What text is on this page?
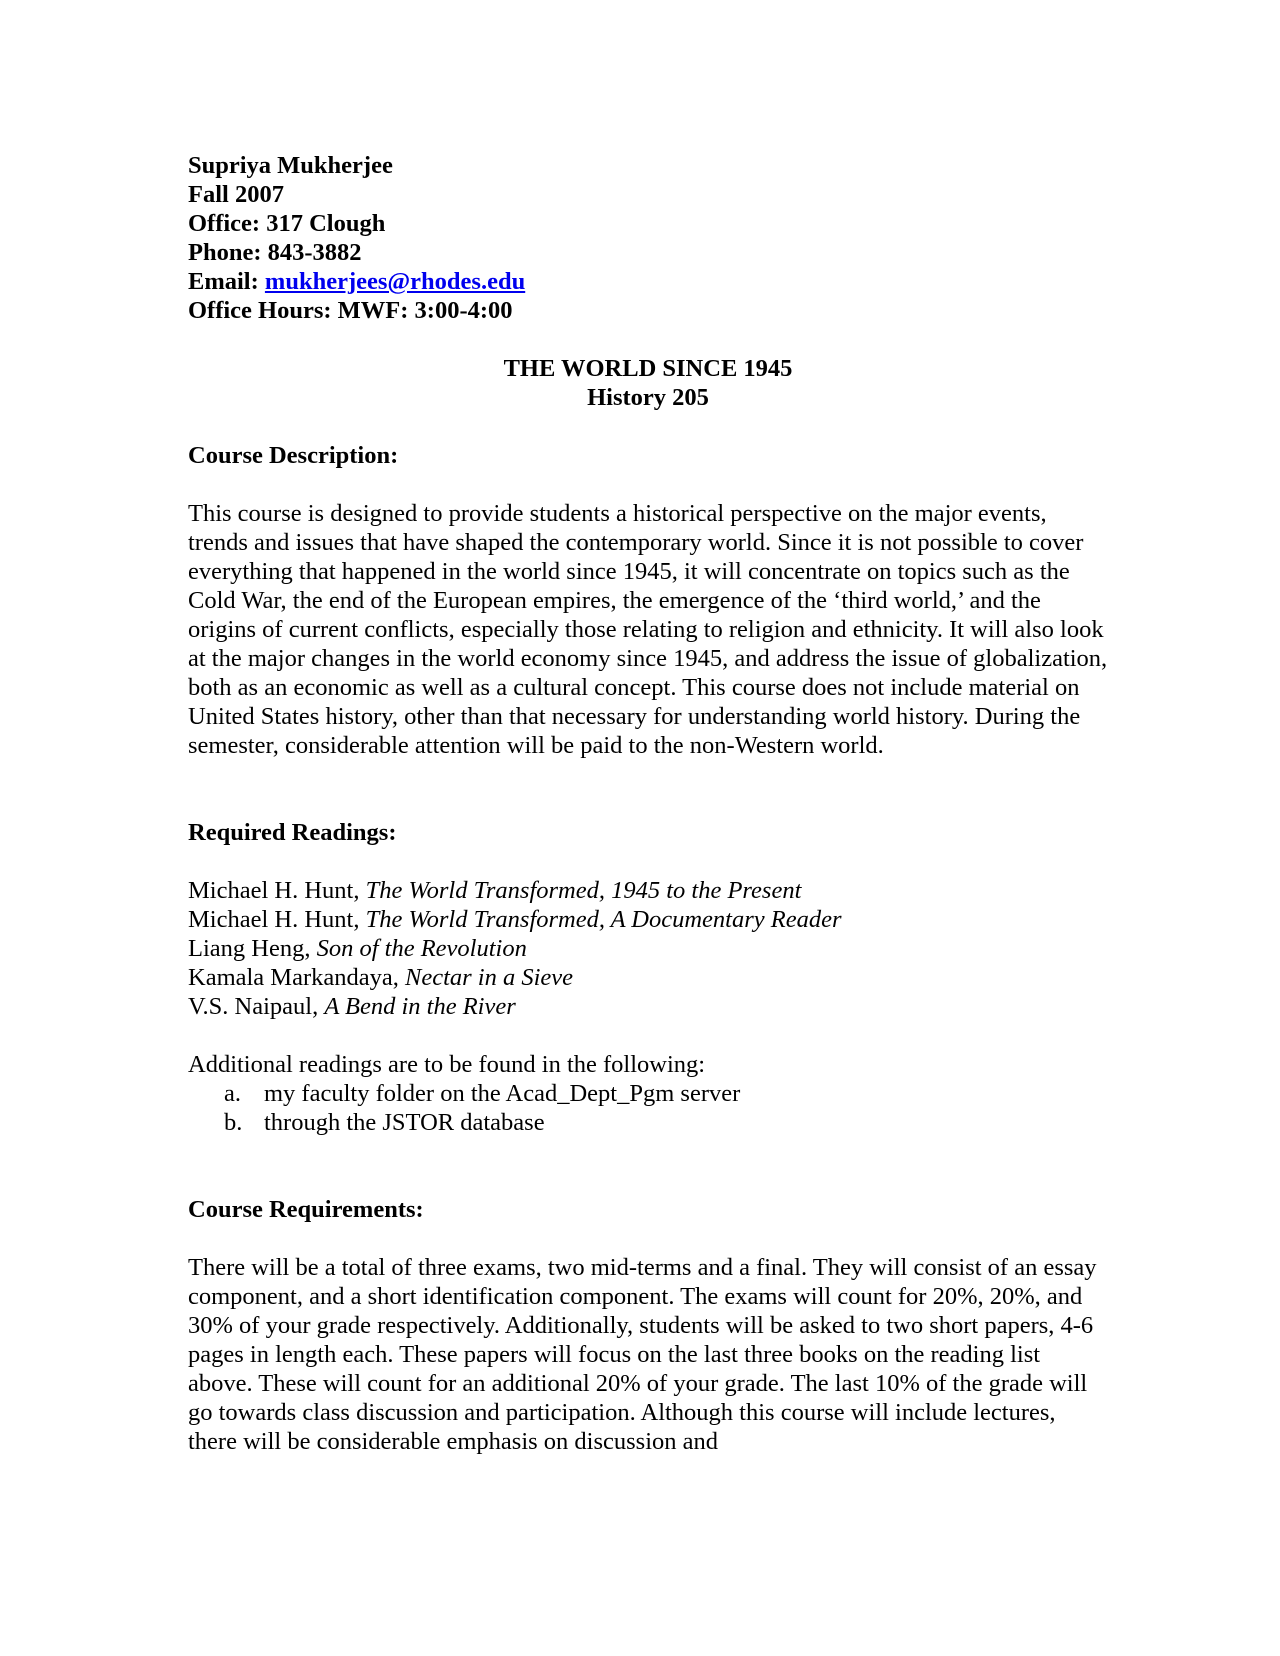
Supriya Mukherjee
Fall 2007
Office: 317 Clough
Phone: 843-3882
Email: mukherjees@rhodes.edu
Office Hours: MWF: 3:00-4:00
THE WORLD SINCE 1945
History 205
Course Description:

This course is designed to provide students a historical perspective on the major events, trends and issues that have shaped the contemporary world. Since it is not possible to cover everything that happened in the world since 1945, it will concentrate on topics such as the Cold War, the end of the European empires, the emergence of the ‘third world,’ and the origins of current conflicts, especially those relating to religion and ethnicity. It will also look at the major changes in the world economy since 1945, and address the issue of globalization, both as an economic as well as a cultural concept. This course does not include material on United States history, other than that necessary for understanding world history. During the semester, considerable attention will be paid to the non-Western world.

Required Readings:
Michael H. Hunt, The World Transformed, 1945 to the Present
Michael H. Hunt, The World Transformed, A Documentary Reader
Liang Heng, Son of the Revolution
Kamala Markandaya, Nectar in a Sieve
V.S. Naipaul, A Bend in the River

Additional readings are to be found in the following:

a. my faculty folder on the Acad_Dept_Pgm server
b. through the JSTOR database
Course Requirements:

There will be a total of three exams, two mid-terms and a final. They will consist of an essay component, and a short identification component. The exams will count for 20%, 20%, and 30% of your grade respectively. Additionally, students will be asked to two short papers, 4-6 pages in length each. These papers will focus on the last three books on the reading list above. These will count for an additional 20% of your grade. The last 10% of the grade will go towards class discussion and participation. Although this course will include lectures, there will be considerable emphasis on discussion and
